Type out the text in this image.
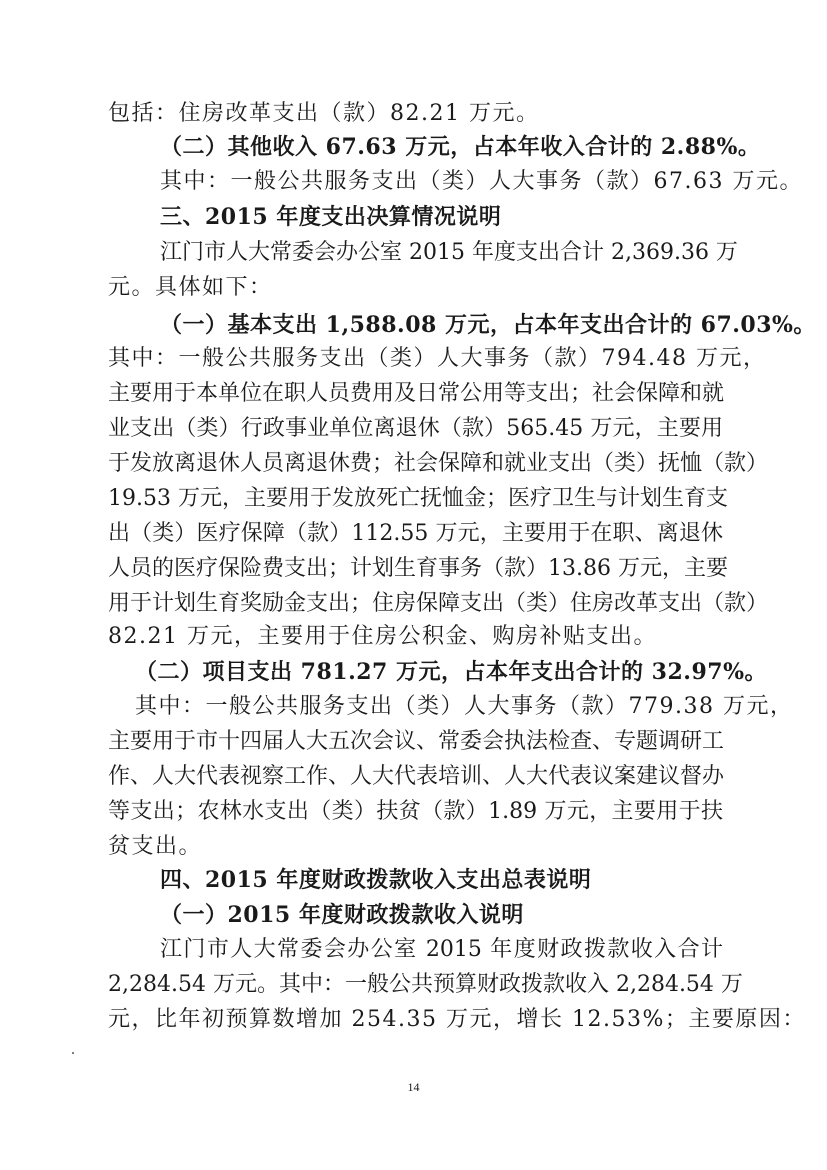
包括：住房改革支出（款）82.21 万元。
（二）其他收入 67.63 万元，占本年收入合计的 2.88%。
其中：一般公共服务支出（类）人大事务（款）67.63 万元。
三、2015 年度支出决算情况说明
江门市人大常委会办公室 2015 年度支出合计 2,369.36 万
元。具体如下：
（一）基本支出 1,588.08 万元，占本年支出合计的 67.03%。
其中：一般公共服务支出（类）人大事务（款）794.48 万元，
主要用于本单位在职人员费用及日常公用等支出；社会保障和就
业支出（类）行政事业单位离退休（款）565.45 万元，主要用
于发放离退休人员离退休费；社会保障和就业支出（类）抚恤（款）
19.53 万元，主要用于发放死亡抚恤金；医疗卫生与计划生育支
出（类）医疗保障（款）112.55 万元，主要用于在职、离退休
人员的医疗保险费支出；计划生育事务（款）13.86 万元，主要
用于计划生育奖励金支出；住房保障支出（类）住房改革支出（款）
82.21 万元，主要用于住房公积金、购房补贴支出。
（二）项目支出 781.27 万元，占本年支出合计的 32.97%。
其中：一般公共服务支出（类）人大事务（款）779.38 万元，
主要用于市十四届人大五次会议、常委会执法检查、专题调研工
作、人大代表视察工作、人大代表培训、人大代表议案建议督办
等支出；农林水支出（类）扶贫（款）1.89 万元，主要用于扶
贫支出。
四、2015 年度财政拨款收入支出总表说明
（一）2015 年度财政拨款收入说明
江门市人大常委会办公室 2015 年度财政拨款收入合计
2,284.54 万元。其中：一般公共预算财政拨款收入 2,284.54 万
元，比年初预算数增加 254.35 万元，增长 12.53%；主要原因：
14
